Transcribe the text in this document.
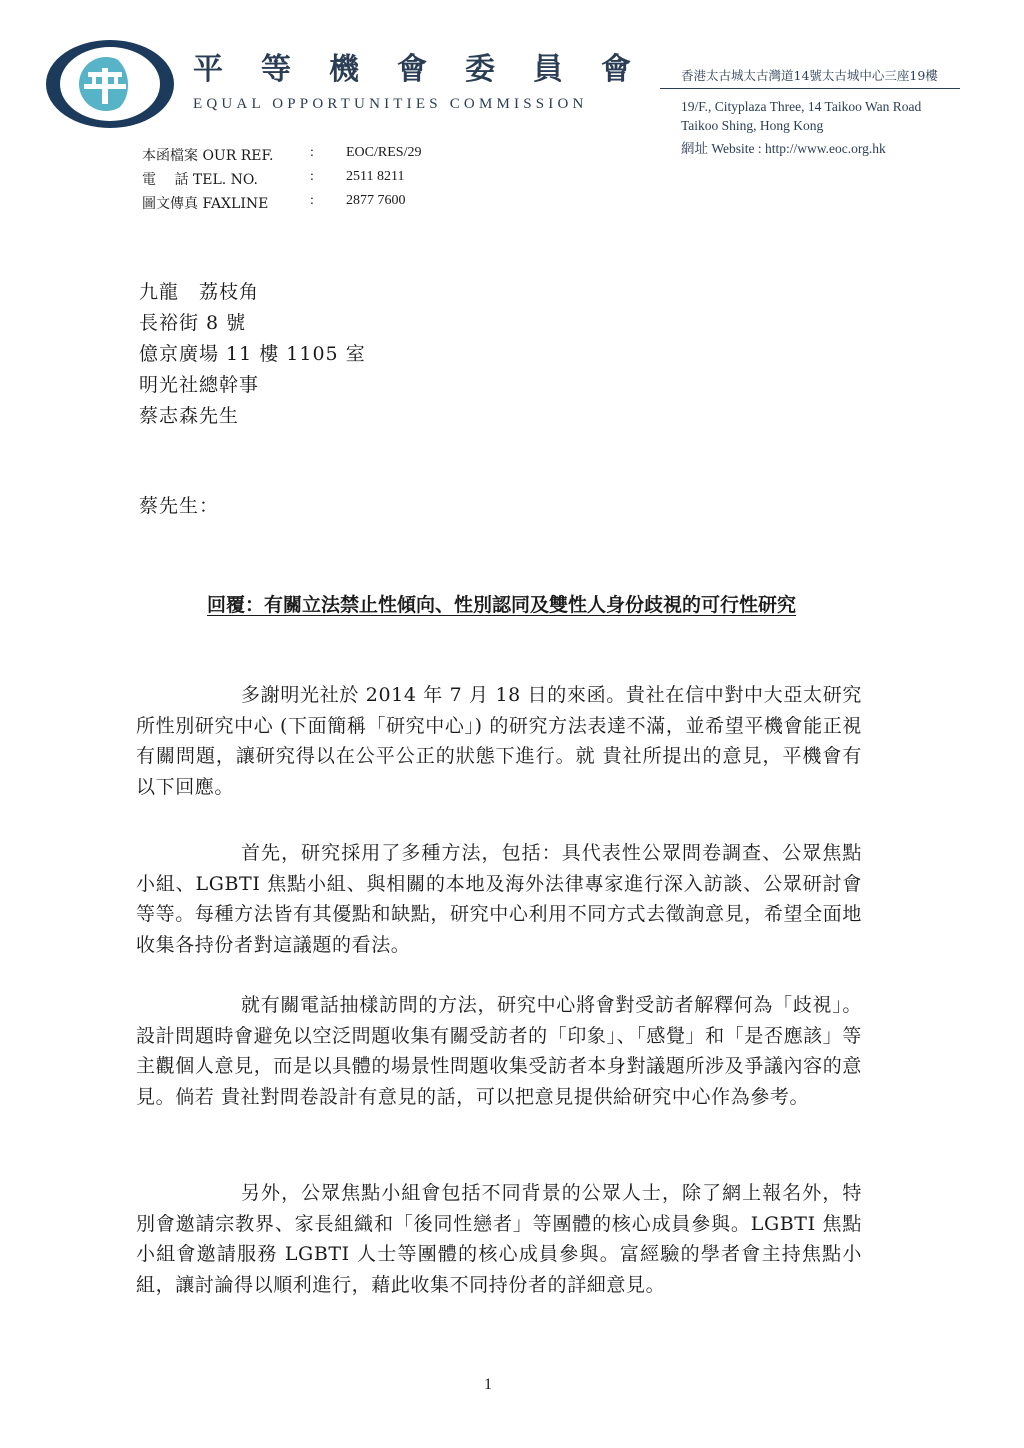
平等機會委員會
EQUAL OPPORTUNITIES COMMISSION
香港太古城太古灣道14號太古城中心三座19樓
19/F., Cityplaza Three, 14 Taikoo Wan Road
Taikoo Shing, Hong Kong
網址 Website : http://www.eoc.org.hk
本函檔案 OUR REF.	: EOC/RES/29
電　 話 TEL. NO.	: 2511 8211
圖文傳真 FAXLINE	: 2877 7600
九龍　荔枝角
長裕街 8 號
億京廣場 11 樓 1105 室
明光社總幹事
蔡志森先生
蔡先生：
回覆：有關立法禁止性傾向、性別認同及雙性人身份歧視的可行性研究

多謝明光社於 2014 年 7 月 18 日的來函。貴社在信中對中大亞太研究所性別研究中心 (下面簡稱「研究中心」) 的研究方法表達不滿，並希望平機會能正視有關問題，讓研究得以在公平公正的狀態下進行。就 貴社所提出的意見，平機會有以下回應。

首先，研究採用了多種方法，包括：具代表性公眾問卷調查、公眾焦點小組、LGBTI 焦點小組、與相關的本地及海外法律專家進行深入訪談、公眾研討會等等。每種方法皆有其優點和缺點，研究中心利用不同方式去徵詢意見，希望全面地收集各持份者對這議題的看法。

就有關電話抽樣訪問的方法，研究中心將會對受訪者解釋何為「歧視」。設計問題時會避免以空泛問題收集有關受訪者的「印象」、「感覺」和「是否應該」等主觀個人意見，而是以具體的場景性問題收集受訪者本身對議題所涉及爭議內容的意見。倘若 貴社對問卷設計有意見的話，可以把意見提供給研究中心作為參考。

另外，公眾焦點小組會包括不同背景的公眾人士，除了網上報名外，特別會邀請宗教界、家長組織和「後同性戀者」等團體的核心成員參與。LGBTI 焦點小組會邀請服務 LGBTI 人士等團體的核心成員參與。富經驗的學者會主持焦點小組，讓討論得以順利進行，藉此收集不同持份者的詳細意見。

1
